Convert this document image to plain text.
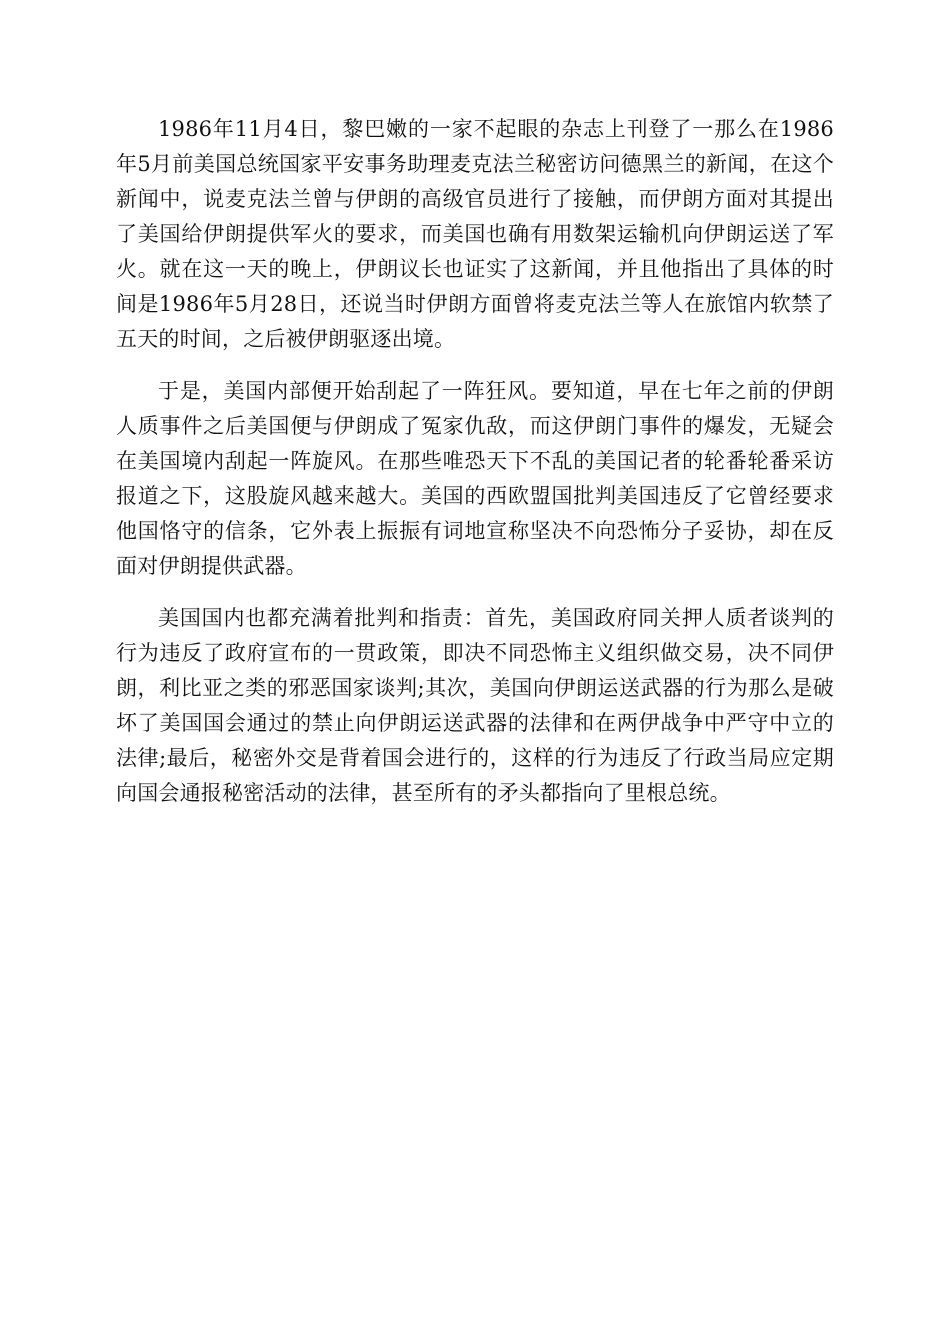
1986年11月4日，黎巴嫩的一家不起眼的杂志上刊登了一那么在1986年5月前美国总统国家平安事务助理麦克法兰秘密访问德黑兰的新闻，在这个新闻中，说麦克法兰曾与伊朗的高级官员进行了接触，而伊朗方面对其提出了美国给伊朗提供军火的要求，而美国也确有用数架运输机向伊朗运送了军火。就在这一天的晚上，伊朗议长也证实了这新闻，并且他指出了具体的时间是1986年5月28日，还说当时伊朗方面曾将麦克法兰等人在旅馆内软禁了五天的时间，之后被伊朗驱逐出境。

于是，美国内部便开始刮起了一阵狂风。要知道，早在七年之前的伊朗人质事件之后美国便与伊朗成了冤家仇敌，而这伊朗门事件的爆发，无疑会在美国境内刮起一阵旋风。在那些唯恐天下不乱的美国记者的轮番轮番采访报道之下，这股旋风越来越大。美国的西欧盟国批判美国违反了它曾经要求他国恪守的信条，它外表上振振有词地宣称坚决不向恐怖分子妥协，却在反面对伊朗提供武器。

美国国内也都充满着批判和指责：首先，美国政府同关押人质者谈判的行为违反了政府宣布的一贯政策，即决不同恐怖主义组织做交易，决不同伊朗，利比亚之类的邪恶国家谈判;其次，美国向伊朗运送武器的行为那么是破坏了美国国会通过的禁止向伊朗运送武器的法律和在两伊战争中严守中立的法律;最后，秘密外交是背着国会进行的，这样的行为违反了行政当局应定期向国会通报秘密活动的法律，甚至所有的矛头都指向了里根总统。
